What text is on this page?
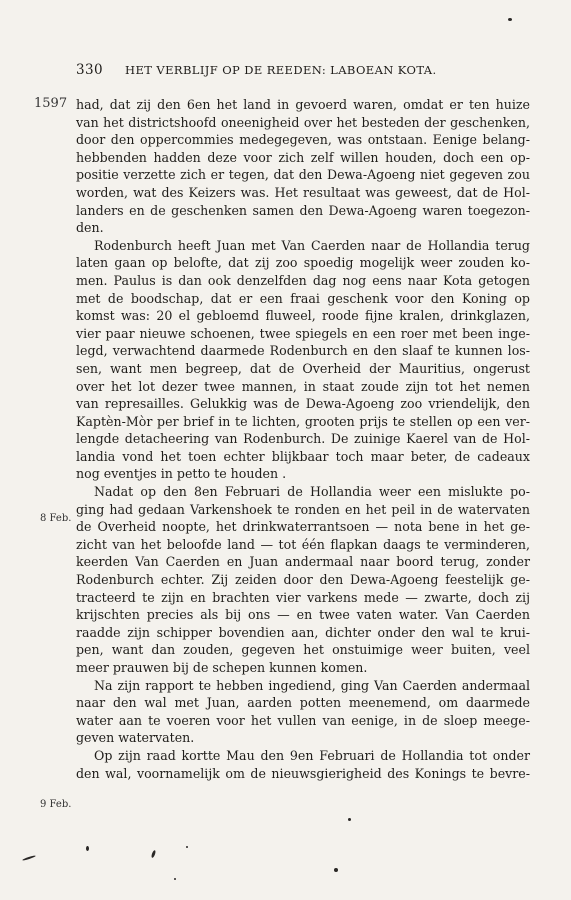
330 HET VERBLIJF OP DE REEDEN: LABOEAN KOTA.
1597
8 Feb.
9 Feb.
had, dat zij den 6en het land in gevoerd waren, omdat er ten huize
van het districtshoofd oneenigheid over het besteden der geschenken,
door den oppercommies medegegeven, was ontstaan. Eenige belang-
hebbenden hadden deze voor zich zelf willen houden, doch een op-
positie verzette zich er tegen, dat den Dewa-Agoeng niet gegeven zou
worden, wat des Keizers was. Het resultaat was geweest, dat de Hol-
landers en de geschenken samen den Dewa-Agoeng waren toegezon-
den.
Rodenburch heeft Juan met Van Caerden naar de Hollandia terug
laten gaan op belofte, dat zij zoo spoedig mogelijk weer zouden ko-
men. Paulus is dan ook denzelfden dag nog eens naar Kota getogen
met de boodschap, dat er een fraai geschenk voor den Koning op
komst was: 20 el gebloemd fluweel, roode fijne kralen, drinkglazen,
vier paar nieuwe schoenen, twee spiegels en een roer met been inge-
legd, verwachtend daarmede Rodenburch en den slaaf te kunnen los-
sen, want men begreep, dat de Overheid der Mauritius, ongerust
over het lot dezer twee mannen, in staat zoude zijn tot het nemen
van represailles. Gelukkig was de Dewa-Agoeng zoo vriendelijk, den
Kaptèn-Mòr per brief in te lichten, grooten prijs te stellen op een ver-
lengde detacheering van Rodenburch. De zuinige Kaerel van de Hol-
landia vond het toen echter blijkbaar toch maar beter, de cadeaux
nog eventjes in petto te houden .
Nadat op den 8en Februari de Hollandia weer een mislukte po-
ging had gedaan Varkenshoek te ronden en het peil in de watervaten
de Overheid noopte, het drinkwaterrantsoen — nota bene in het ge-
zicht van het beloofde land — tot één flapkan daags te verminderen,
keerden Van Caerden en Juan andermaal naar boord terug, zonder
Rodenburch echter. Zij zeiden door den Dewa-Agoeng feestelijk ge-
tracteerd te zijn en brachten vier varkens mede — zwarte, doch zij
krijschten precies als bij ons — en twee vaten water. Van Caerden
raadde zijn schipper bovendien aan, dichter onder den wal te krui-
pen, want dan zouden, gegeven het onstuimige weer buiten, veel
meer prauwen bij de schepen kunnen komen.
Na zijn rapport te hebben ingediend, ging Van Caerden andermaal
naar den wal met Juan, aarden potten meenemend, om daarmede
water aan te voeren voor het vullen van eenige, in de sloep meege-
geven watervaten.
Op zijn raad kortte Mau den 9en Februari de Hollandia tot onder
den wal, voornamelijk om de nieuwsgierigheid des Konings te bevre-
